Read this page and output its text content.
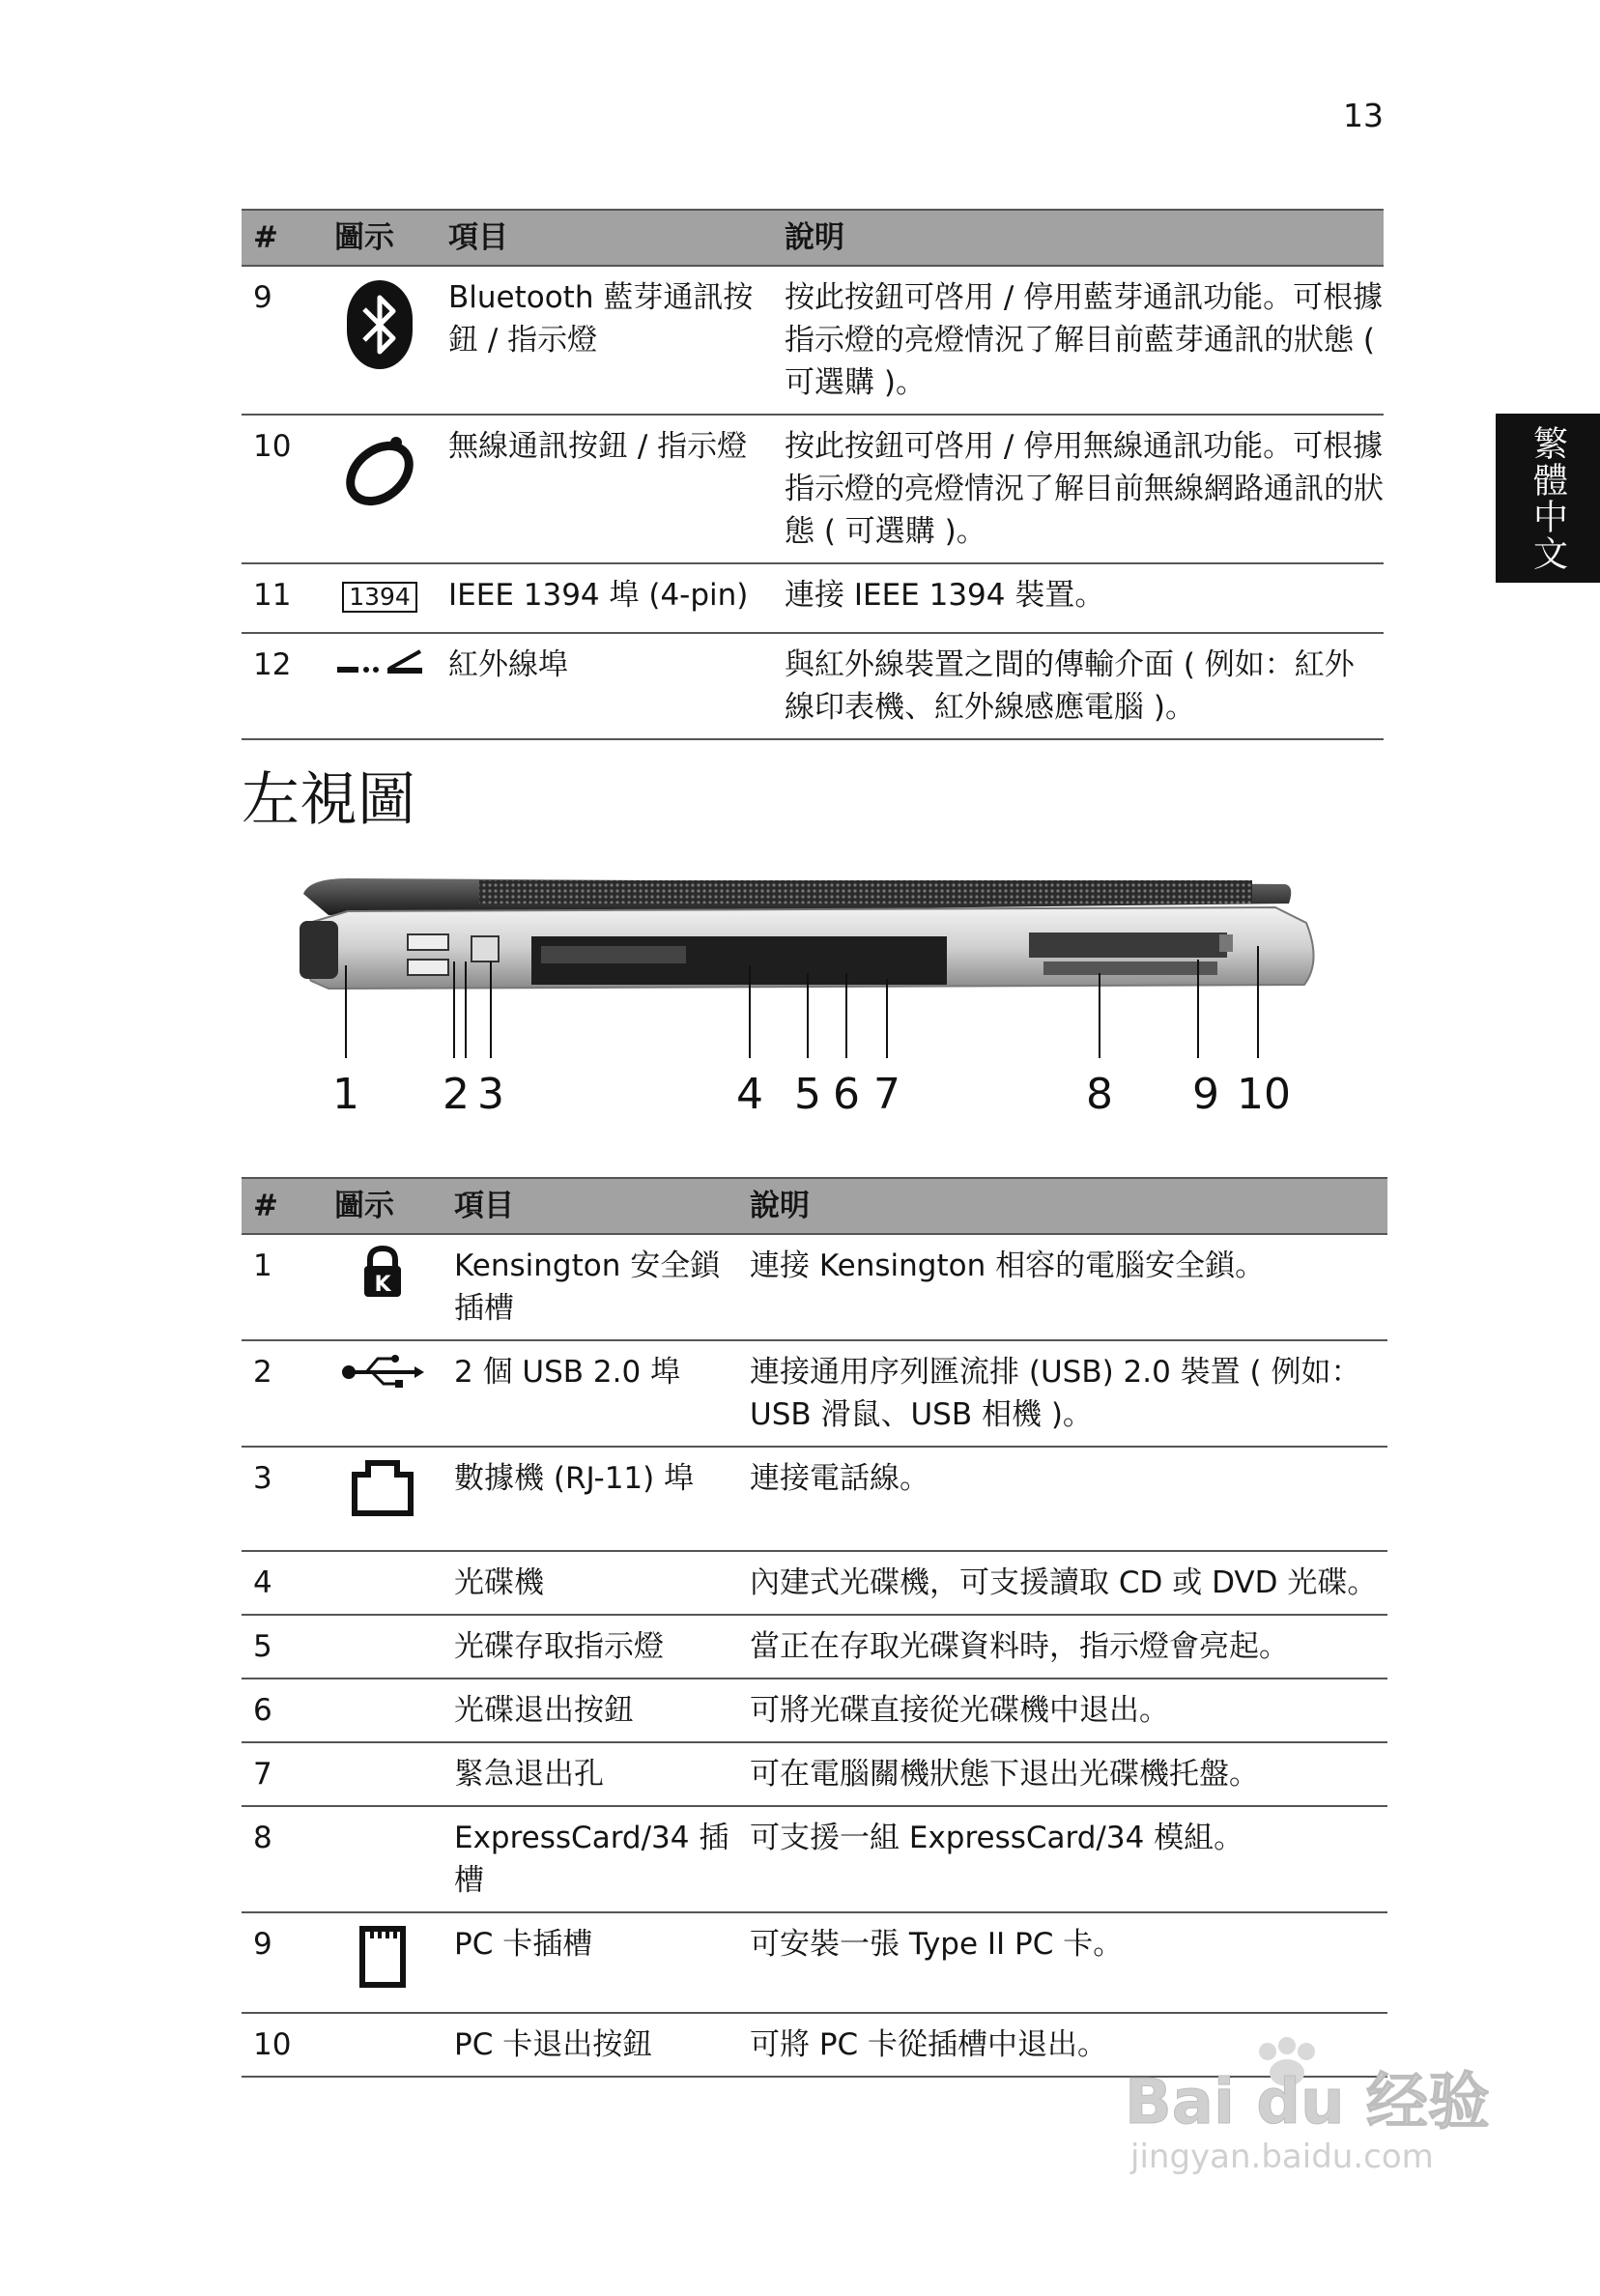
13
繁體中文
#	圖示	項目	說明
9		Bluetooth 藍芽通訊按鈕 / 指示燈	按此按鈕可啓用 / 停用藍芽通訊功能。可根據指示燈的亮燈情況了解目前藍芽通訊的狀態 ( 可選購 )。
10		無線通訊按鈕 / 指示燈	按此按鈕可啓用 / 停用無線通訊功能。可根據指示燈的亮燈情況了解目前無線網路通訊的狀態 ( 可選購 )。
11	1394	IEEE 1394 埠 (4-pin)	連接 IEEE 1394 裝置。
12		紅外線埠	與紅外線裝置之間的傳輸介面 ( 例如：紅外線印表機、紅外線感應電腦 )。
左視圖
1 2 3	4 5 6 7	8 9 10
#	圖示	項目	說明
1	K	Kensington 安全鎖插槽	連接 Kensington 相容的電腦安全鎖。
2		2 個 USB 2.0 埠	連接通用序列匯流排 (USB) 2.0 裝置 ( 例如：USB 滑鼠、USB 相機 )。
3		數據機 (RJ-11) 埠	連接電話線。
4		光碟機	內建式光碟機，可支援讀取 CD 或 DVD 光碟。
5		光碟存取指示燈	當正在存取光碟資料時，指示燈會亮起。
6		光碟退出按鈕	可將光碟直接從光碟機中退出。
7		緊急退出孔	可在電腦關機狀態下退出光碟機托盤。
8		ExpressCard/34 插槽	可支援一組 ExpressCard/34 模組。
9		PC 卡插槽	可安裝一張 Type II PC 卡。
10		PC 卡退出按鈕	可將 PC 卡從插槽中退出。
Bai du 经验
jingyan.baidu.com
